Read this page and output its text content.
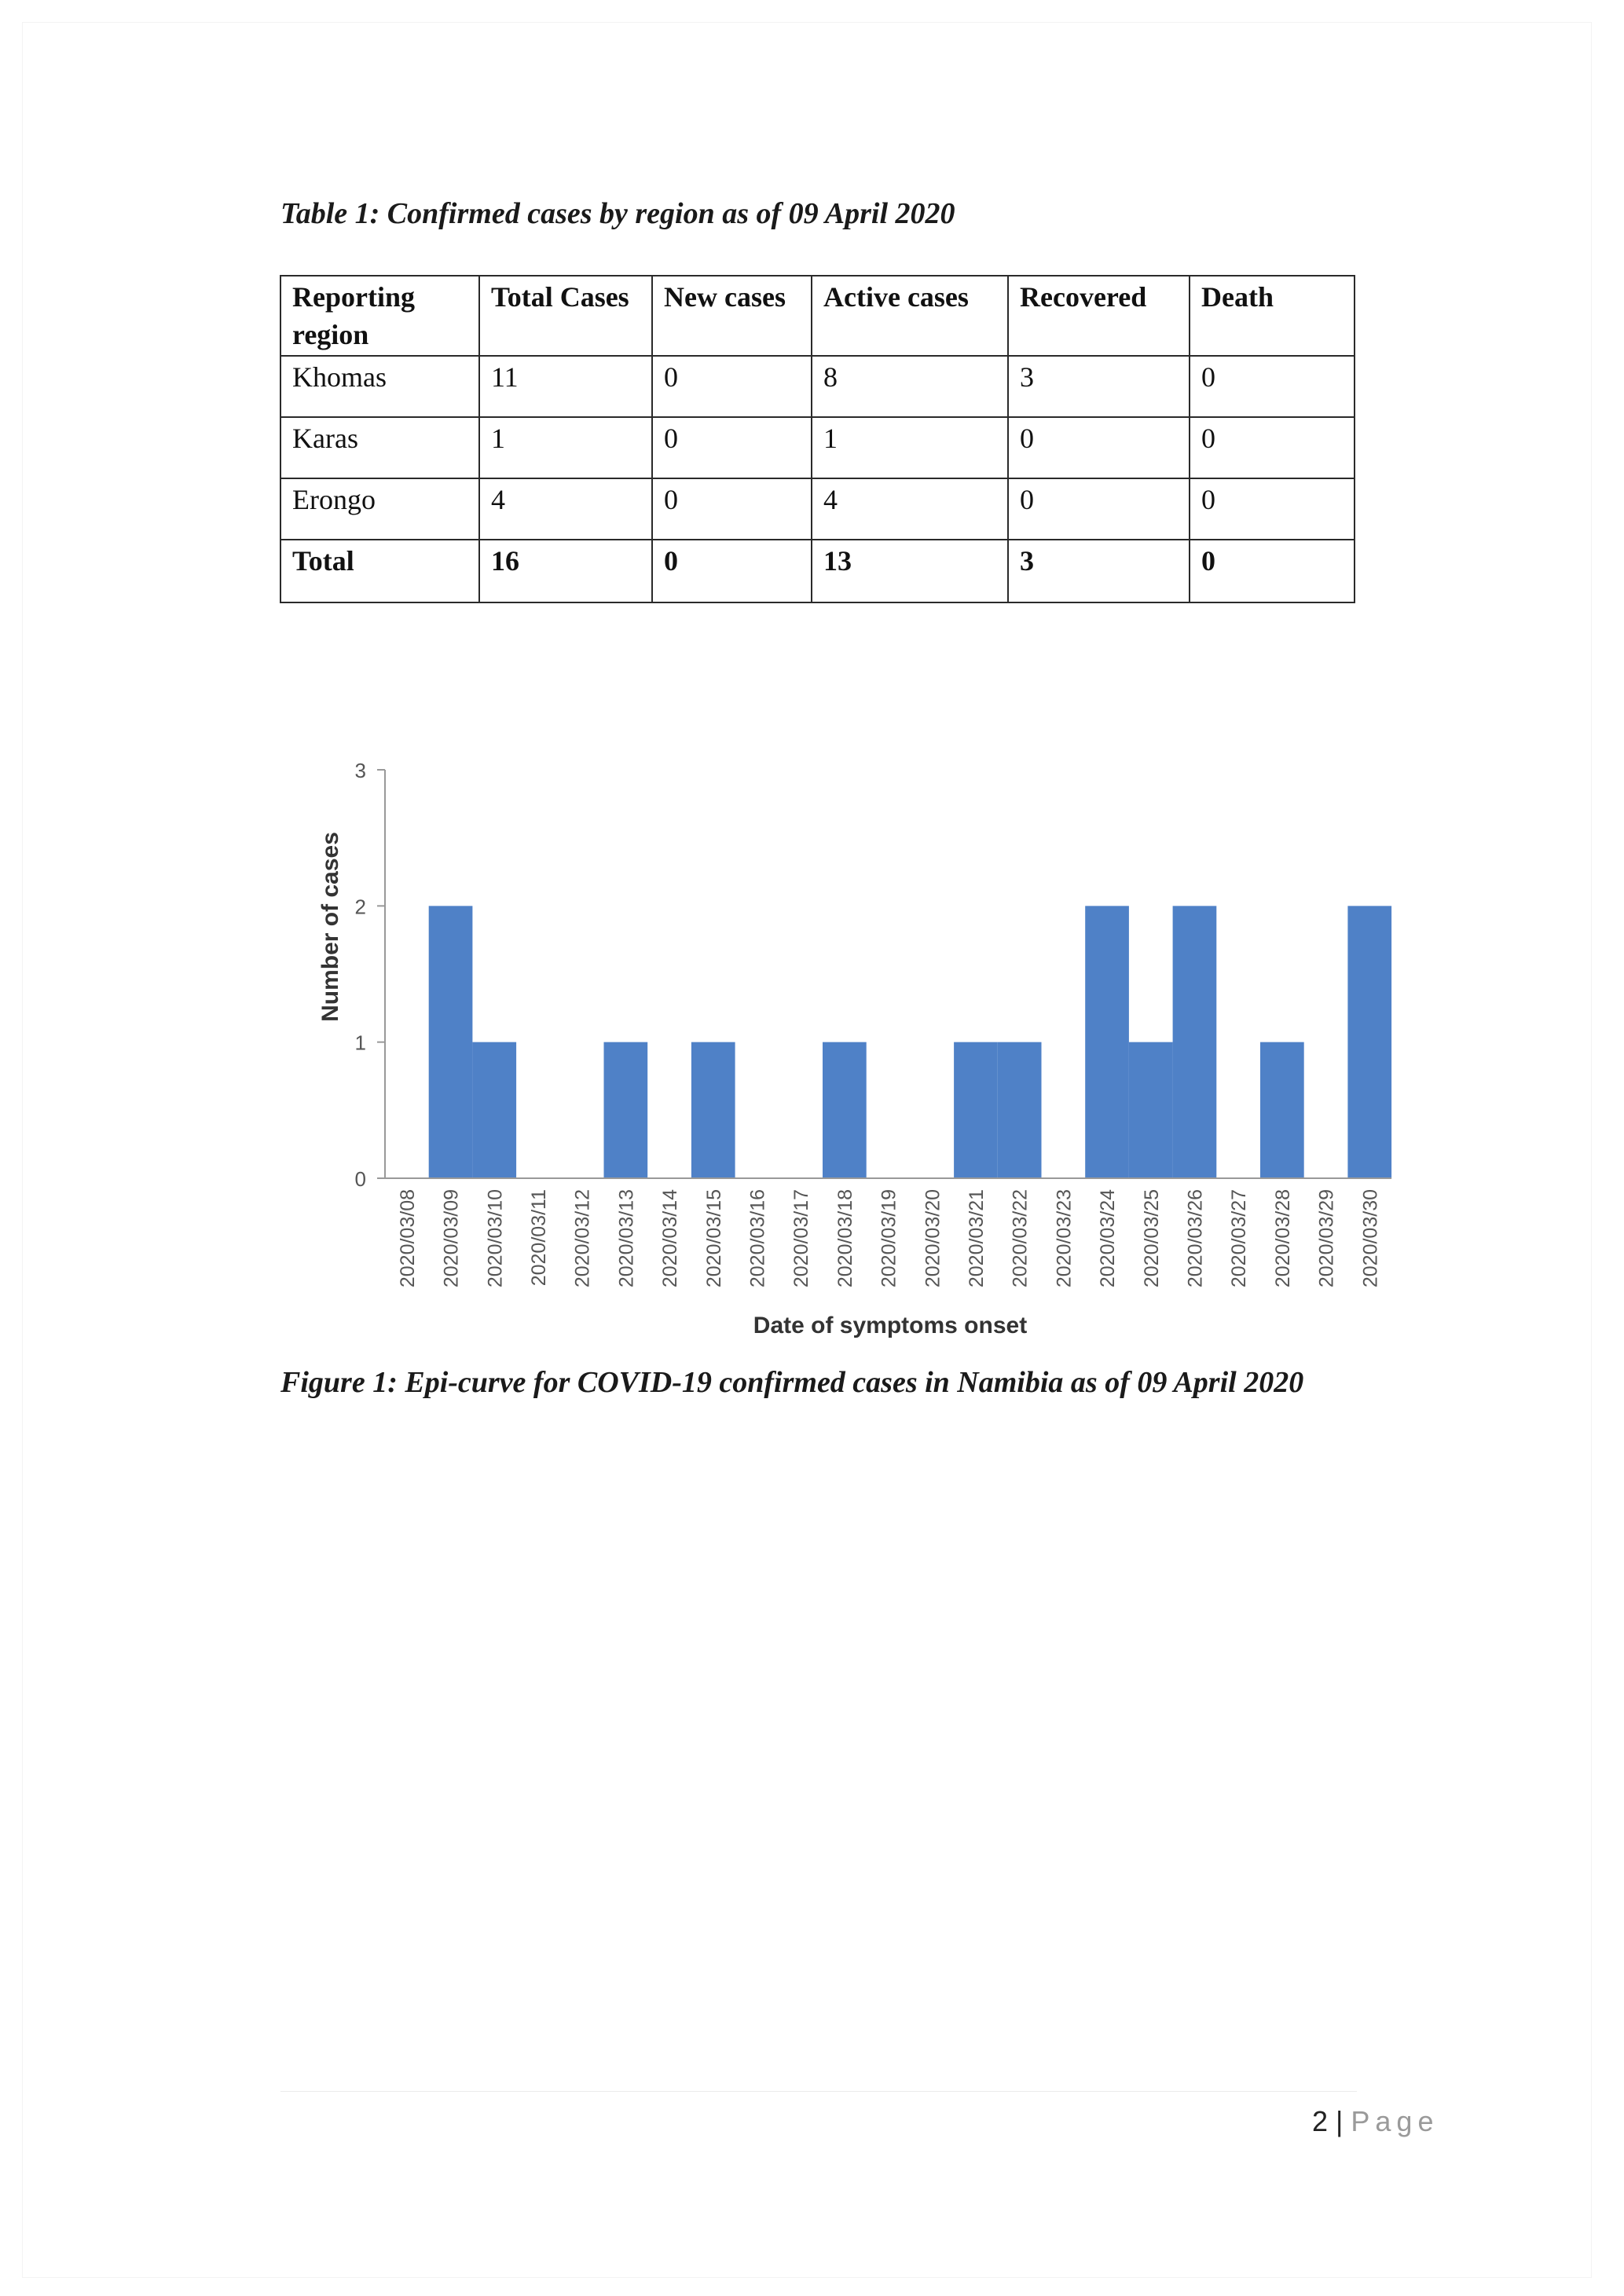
Table 1: Confirmed cases by region as of 09 April 2020
Reporting region	Total Cases	New cases	Active cases	Recovered	Death
Khomas	11	0	8	3	0
Karas	1	0	1	0	0
Erongo	4	0	4	0	0
Total	16	0	13	3	0
0
1
2
3
2020/03/08 2020/03/09 2020/03/10 2020/03/11 2020/03/12 2020/03/13 2020/03/14 2020/03/15 2020/03/16 2020/03/17 2020/03/18 2020/03/19 2020/03/20 2020/03/21 2020/03/22 2020/03/23 2020/03/24 2020/03/25 2020/03/26 2020/03/27 2020/03/28 2020/03/29 2020/03/30
Number of cases
Date of symptoms onset
Figure 1: Epi-curve for COVID-19 confirmed cases in Namibia as of 09 April 2020
2 | Page
